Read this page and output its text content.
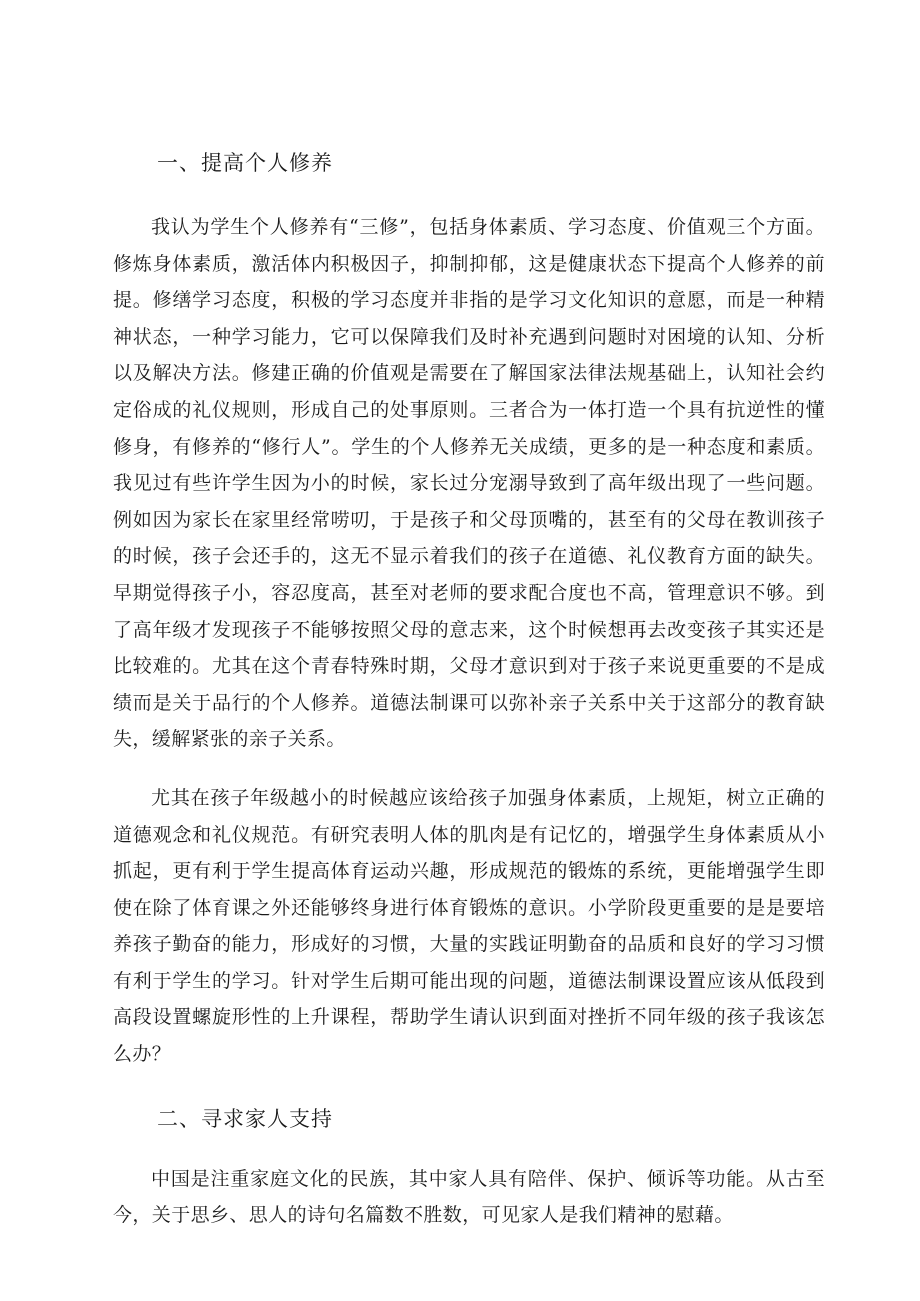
一、提高个人修养

我认为学生个人修养有“三修”，包括身体素质、学习态度、价值观三个方面。修炼身体素质，激活体内积极因子，抑制抑郁，这是健康状态下提高个人修养的前提。修缮学习态度，积极的学习态度并非指的是学习文化知识的意愿，而是一种精神状态，一种学习能力，它可以保障我们及时补充遇到问题时对困境的认知、分析以及解决方法。修建正确的价值观是需要在了解国家法律法规基础上，认知社会约定俗成的礼仪规则，形成自己的处事原则。三者合为一体打造一个具有抗逆性的懂修身，有修养的“修行人”。学生的个人修养无关成绩，更多的是一种态度和素质。我见过有些许学生因为小的时候，家长过分宠溺导致到了高年级出现了一些问题。例如因为家长在家里经常唠叨，于是孩子和父母顶嘴的，甚至有的父母在教训孩子的时候，孩子会还手的，这无不显示着我们的孩子在道德、礼仪教育方面的缺失。早期觉得孩子小，容忍度高，甚至对老师的要求配合度也不高，管理意识不够。到了高年级才发现孩子不能够按照父母的意志来，这个时候想再去改变孩子其实还是比较难的。尤其在这个青春特殊时期，父母才意识到对于孩子来说更重要的不是成绩而是关于品行的个人修养。道德法制课可以弥补亲子关系中关于这部分的教育缺失，缓解紧张的亲子关系。

尤其在孩子年级越小的时候越应该给孩子加强身体素质，上规矩，树立正确的道德观念和礼仪规范。有研究表明人体的肌肉是有记忆的，增强学生身体素质从小抓起，更有利于学生提高体育运动兴趣，形成规范的锻炼的系统，更能增强学生即使在除了体育课之外还能够终身进行体育锻炼的意识。小学阶段更重要的是是要培养孩子勤奋的能力，形成好的习惯，大量的实践证明勤奋的品质和良好的学习习惯有利于学生的学习。针对学生后期可能出现的问题，道德法制课设置应该从低段到高段设置螺旋形性的上升课程，帮助学生请认识到面对挫折不同年级的孩子我该怎么办？

二、寻求家人支持

中国是注重家庭文化的民族，其中家人具有陪伴、保护、倾诉等功能。从古至今，关于思乡、思人的诗句名篇数不胜数，可见家人是我们精神的慰藉。
